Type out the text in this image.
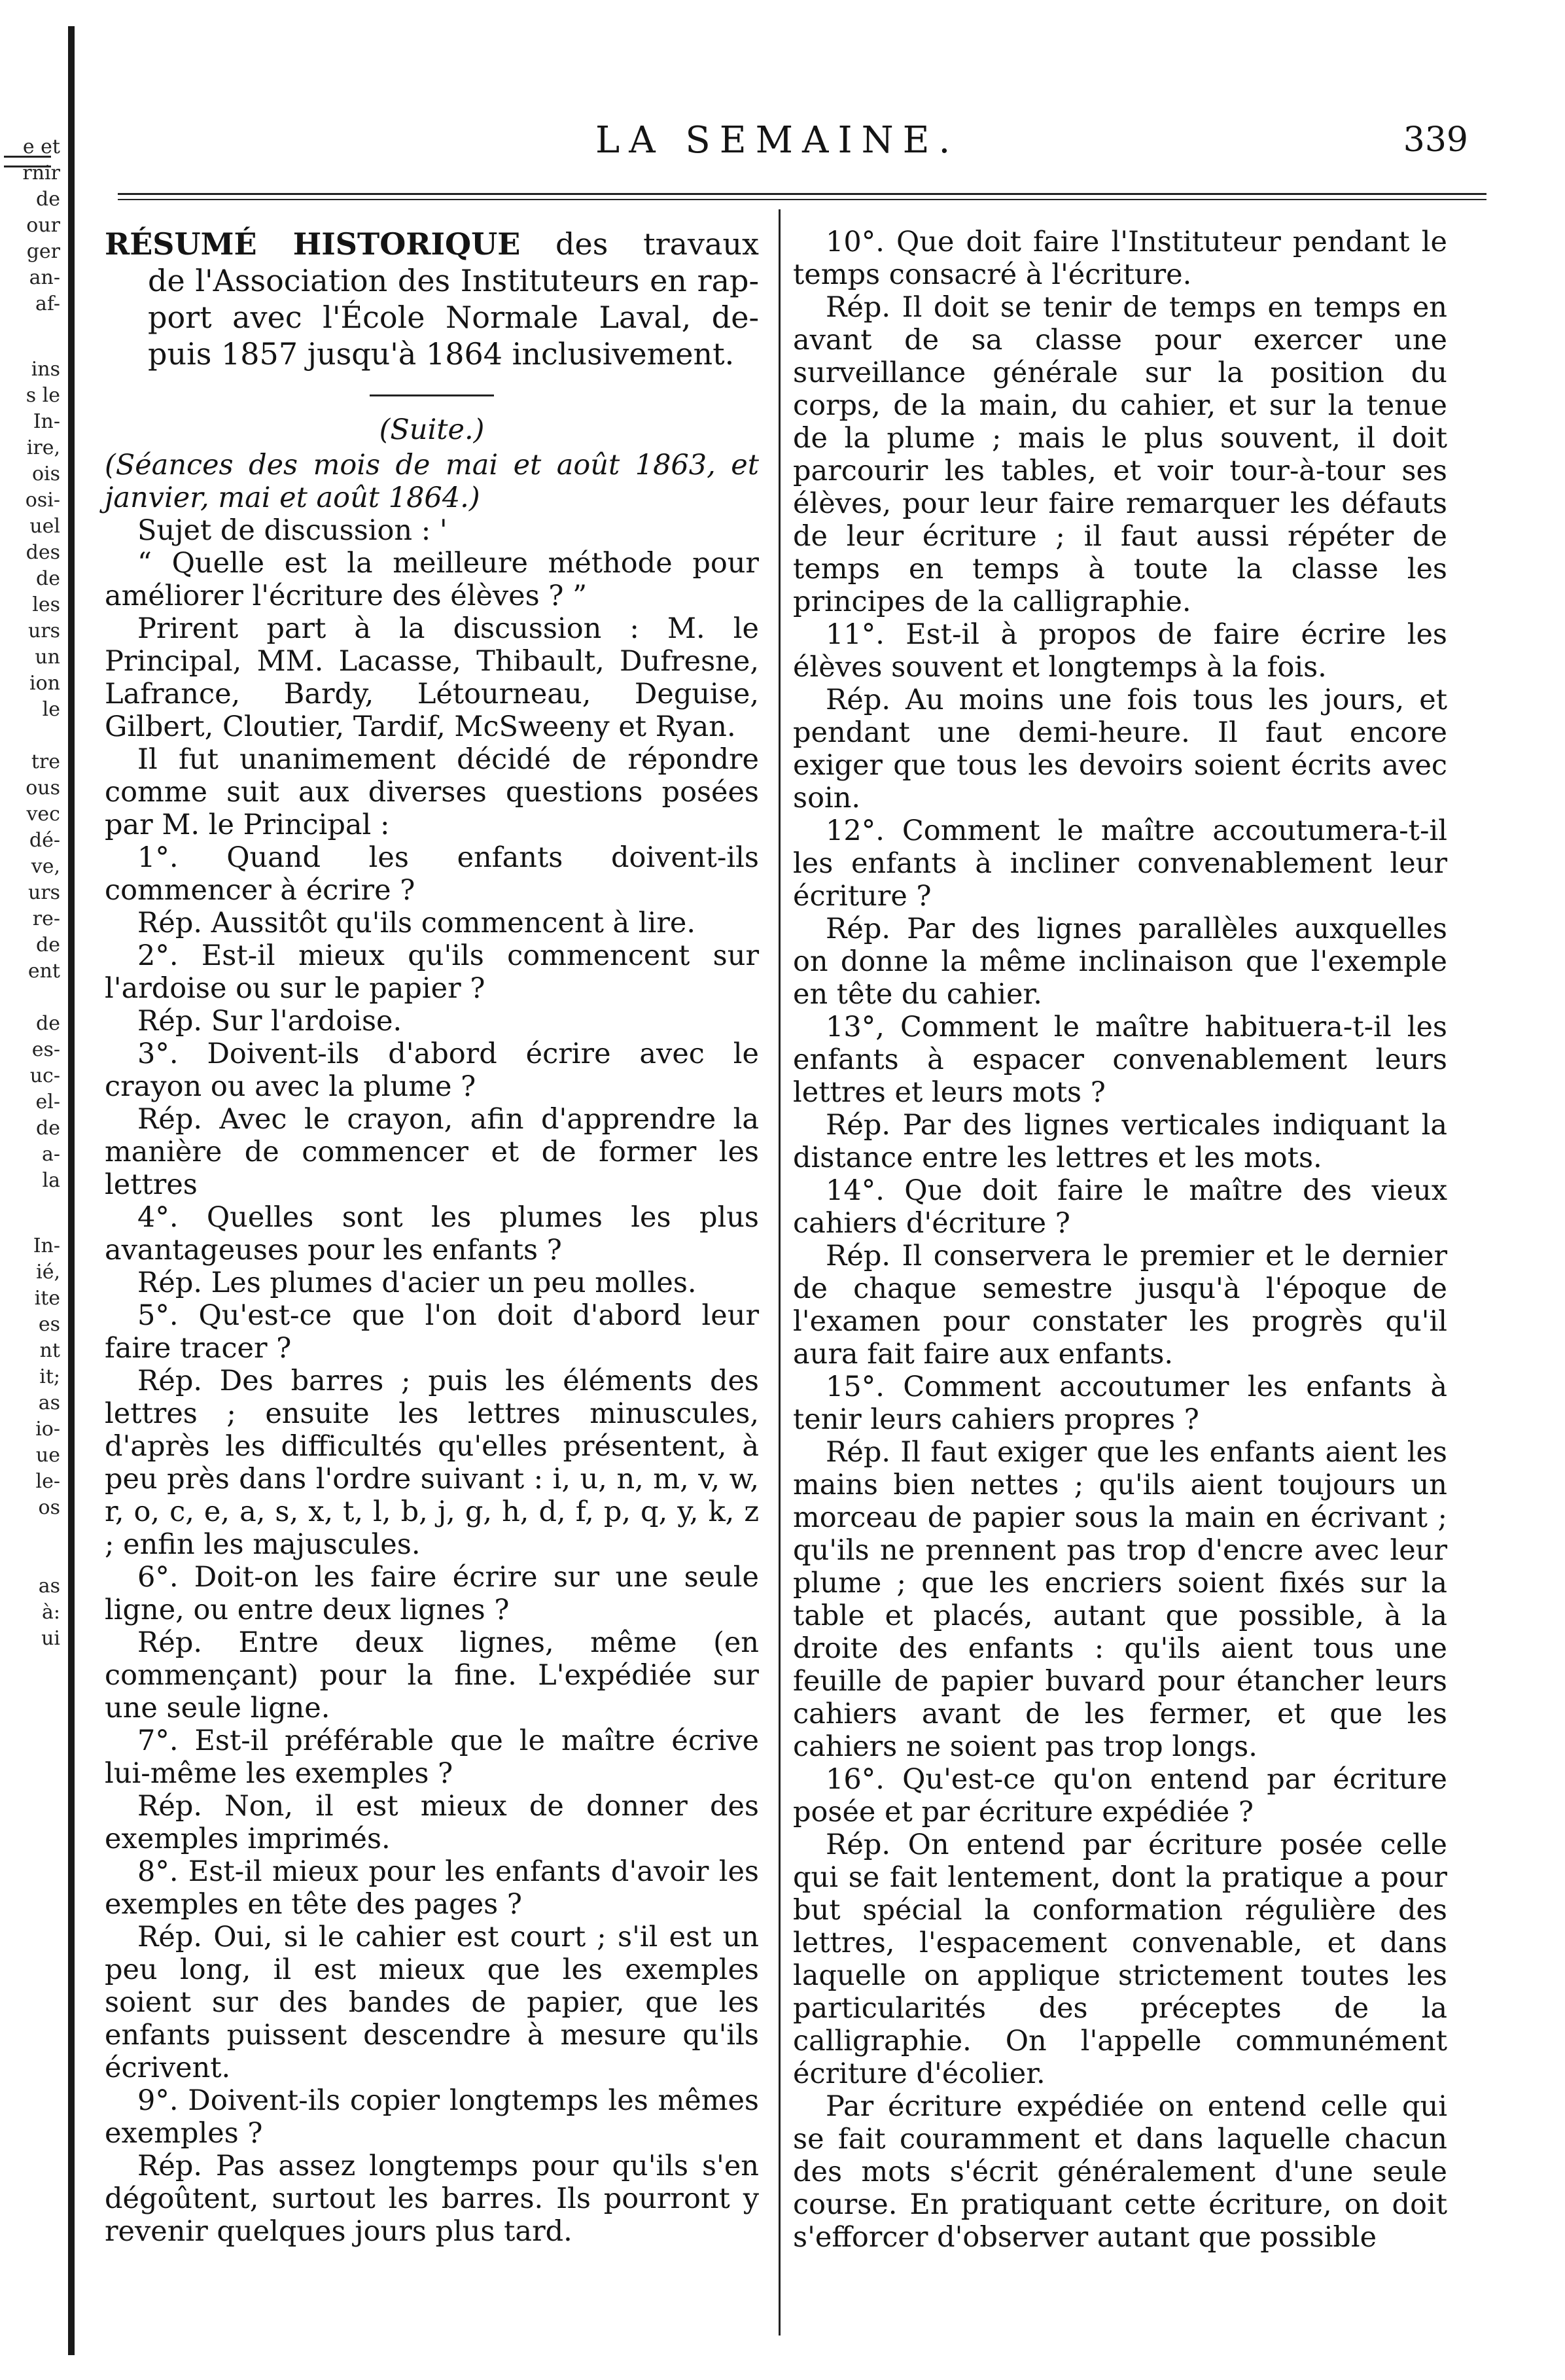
e et
rnir
de
our
ger
an-
af-
ins
s le
In-
ire,
ois
osi-
uel
des
de
les
urs
un
ion
le
tre
ous
vec
dé-
ve,
urs
re-
de
ent
de
es-
uc-
el-
de
a-
la
In-
ié,
ite
es
nt
it;
as
io-
ue
le-
os
as
à:
ui
LA SEMAINE.	339
RÉSUMÉ HISTORIQUE des travaux
de l'Association des Instituteurs en rap-
port avec l'École Normale Laval, de-
puis 1857 jusqu'à 1864 inclusivement.
(Suite.)

(Séances des mois de mai et août 1863, et janvier, mai et août 1864.)

Sujet de discussion : '

“ Quelle est la meilleure méthode pour améliorer l'écriture des élèves ? ”

Prirent part à la discussion : M. le Principal, MM. Lacasse, Thibault, Dufresne, Lafrance, Bardy, Létourneau, Deguise, Gilbert, Cloutier, Tardif, McSweeny et Ryan.

Il fut unanimement décidé de répondre comme suit aux diverses questions posées par M. le Principal :

1°. Quand les enfants doivent-ils commencer à écrire ?

Rép. Aussitôt qu'ils commencent à lire.

2°. Est-il mieux qu'ils commencent sur l'ardoise ou sur le papier ?

Rép. Sur l'ardoise.

3°. Doivent-ils d'abord écrire avec le crayon ou avec la plume ?

Rép. Avec le crayon, afin d'apprendre la manière de commencer et de former les lettres

4°. Quelles sont les plumes les plus avantageuses pour les enfants ?

Rép. Les plumes d'acier un peu molles.

5°. Qu'est-ce que l'on doit d'abord leur faire tracer ?

Rép. Des barres ; puis les éléments des lettres ; ensuite les lettres minuscules, d'après les difficultés qu'elles présentent, à peu près dans l'ordre suivant : i, u, n, m, v, w, r, o, c, e, a, s, x, t, l, b, j, g, h, d, f, p, q, y, k, z ; enfin les majuscules.

6°. Doit-on les faire écrire sur une seule ligne, ou entre deux lignes ?

Rép. Entre deux lignes, même (en commençant) pour la fine. L'expédiée sur une seule ligne.

7°. Est-il préférable que le maître écrive lui-même les exemples ?

Rép. Non, il est mieux de donner des exemples imprimés.

8°. Est-il mieux pour les enfants d'avoir les exemples en tête des pages ?

Rép. Oui, si le cahier est court ; s'il est un peu long, il est mieux que les exemples soient sur des bandes de papier, que les enfants puissent descendre à mesure qu'ils écrivent.

9°. Doivent-ils copier longtemps les mêmes exemples ?

Rép. Pas assez longtemps pour qu'ils s'en dégoûtent, surtout les barres. Ils pourront y revenir quelques jours plus tard.

10°. Que doit faire l'Instituteur pendant le temps consacré à l'écriture.

Rép. Il doit se tenir de temps en temps en avant de sa classe pour exercer une surveillance générale sur la position du corps, de la main, du cahier, et sur la tenue de la plume ; mais le plus souvent, il doit parcourir les tables, et voir tour-à-tour ses élèves, pour leur faire remarquer les défauts de leur écriture ; il faut aussi répéter de temps en temps à toute la classe les principes de la calligraphie.

11°. Est-il à propos de faire écrire les élèves souvent et longtemps à la fois.

Rép. Au moins une fois tous les jours, et pendant une demi-heure. Il faut encore exiger que tous les devoirs soient écrits avec soin.

12°. Comment le maître accoutumera-t-il les enfants à incliner convenablement leur écriture ?

Rép. Par des lignes parallèles auxquelles on donne la même inclinaison que l'exemple en tête du cahier.

13°, Comment le maître habituera-t-il les enfants à espacer convenablement leurs lettres et leurs mots ?

Rép. Par des lignes verticales indiquant la distance entre les lettres et les mots.

14°. Que doit faire le maître des vieux cahiers d'écriture ?

Rép. Il conservera le premier et le dernier de chaque semestre jusqu'à l'époque de l'examen pour constater les progrès qu'il aura fait faire aux enfants.

15°. Comment accoutumer les enfants à tenir leurs cahiers propres ?

Rép. Il faut exiger que les enfants aient les mains bien nettes ; qu'ils aient toujours un morceau de papier sous la main en écrivant ; qu'ils ne prennent pas trop d'encre avec leur plume ; que les encriers soient fixés sur la table et placés, autant que possible, à la droite des enfants : qu'ils aient tous une feuille de papier buvard pour étancher leurs cahiers avant de les fermer, et que les cahiers ne soient pas trop longs.

16°. Qu'est-ce qu'on entend par écriture posée et par écriture expédiée ?

Rép. On entend par écriture posée celle qui se fait lentement, dont la pratique a pour but spécial la conformation régulière des lettres, l'espacement convenable, et dans laquelle on applique strictement toutes les particularités des préceptes de la calligraphie. On l'appelle communément écriture d'écolier.

Par écriture expédiée on entend celle qui se fait couramment et dans laquelle chacun des mots s'écrit généralement d'une seule course. En pratiquant cette écriture, on doit s'efforcer d'observer autant que possible
